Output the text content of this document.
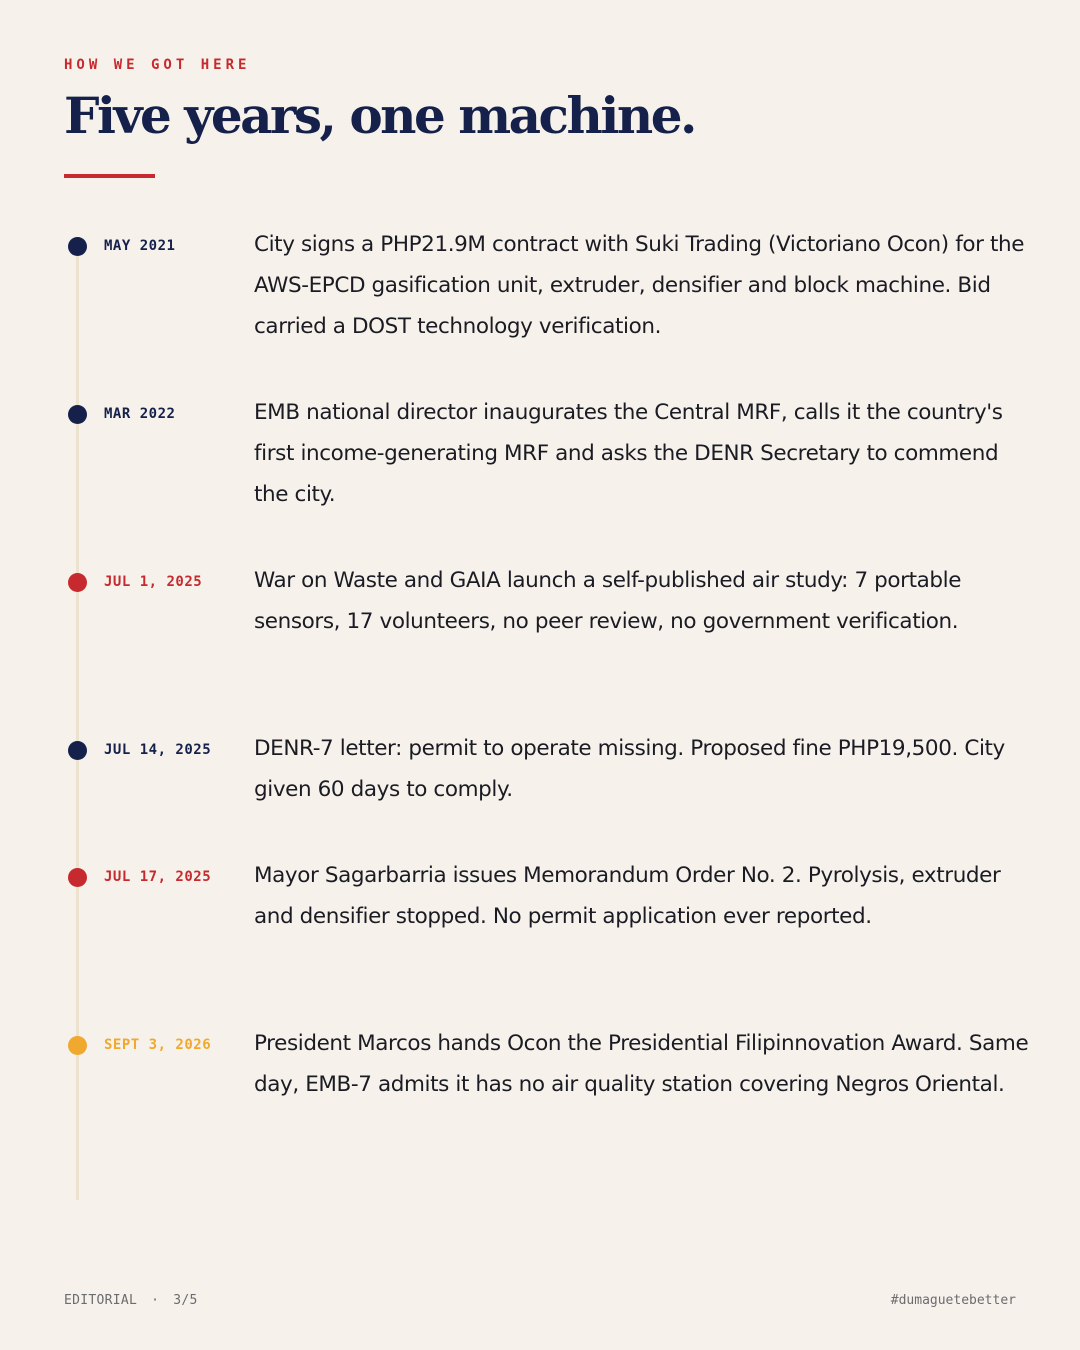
HOW WE GOT HERE
Five years, one machine.
MAY 2021	City signs a PHP21.9M contract with Suki Trading (Victoriano Ocon) for the AWS-EPCD gasification unit, extruder, densifier and block machine. Bid carried a DOST technology verification.

MAR 2022	EMB national director inaugurates the Central MRF, calls it the country's first income-generating MRF and asks the DENR Secretary to commend the city.

JUL 1, 2025 War on Waste and GAIA launch a self-published air study: 7 portable sensors, 17 volunteers, no peer review, no government verification.

JUL 14, 2025 DENR-7 letter: permit to operate missing. Proposed fine PHP19,500. City given 60 days to comply.

JUL 17, 2025 Mayor Sagarbarria issues Memorandum Order No. 2. Pyrolysis, extruder and densifier stopped. No permit application ever reported.

SEPT 3, 2026 President Marcos hands Ocon the Presidential Filipinnovation Award. Same day, EMB-7 admits it has no air quality station covering Negros Oriental.

EDITORIAL · 3/5	#dumaguetebetter
